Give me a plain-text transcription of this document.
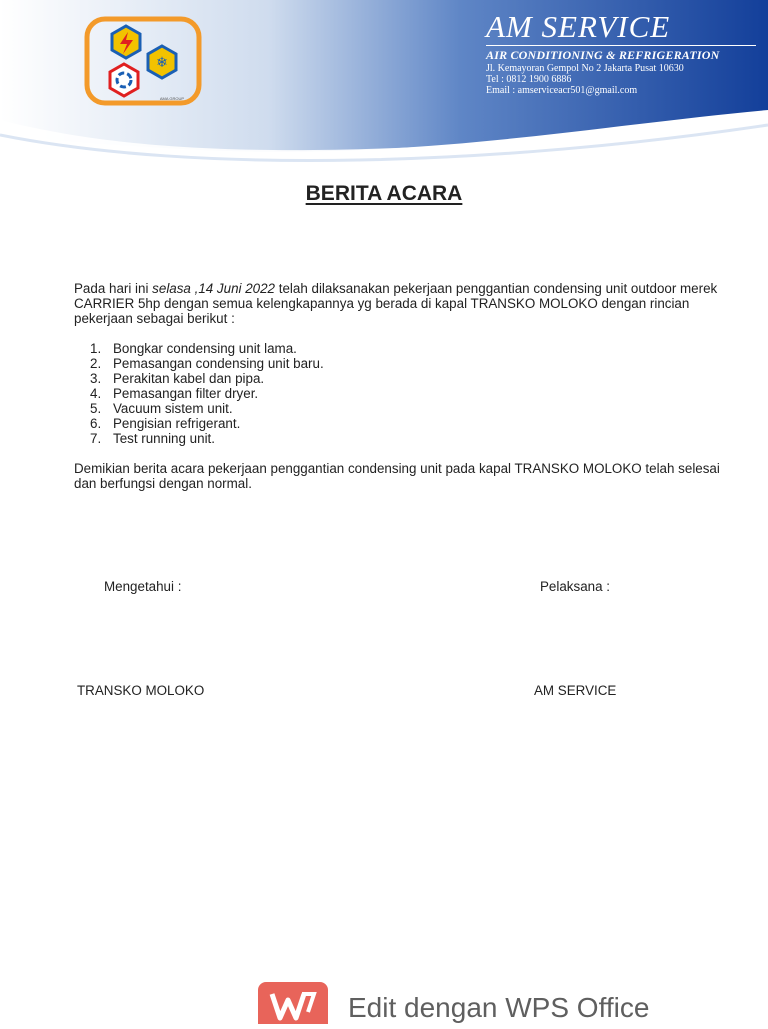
❄
AMA GROUP
AM SERVICE
AIR CONDITIONING & REFRIGERATION
Jl. Kemayoran Gempol No 2 Jakarta Pusat 10630
Tel : 0812 1900 6886
Email : amserviceacr501@gmail.com
BERITA ACARA
Pada hari ini selasa ,14 Juni 2022 telah dilaksanakan pekerjaan penggantian condensing unit outdoor merek CARRIER 5hp dengan semua kelengkapannya yg berada di kapal TRANSKO MOLOKO dengan rincian pekerjaan sebagai berikut :
1. Bongkar condensing unit lama.
2. Pemasangan condensing unit baru.
3. Perakitan kabel dan pipa.
4. Pemasangan filter dryer.
5. Vacuum sistem unit.
6. Pengisian refrigerant.
7. Test running unit.
Demikian berita acara pekerjaan penggantian condensing unit pada kapal TRANSKO MOLOKO telah selesai dan berfungsi dengan normal.
Mengetahui :	Pelaksana :
TRANSKO MOLOKO	AM SERVICE
Edit dengan WPS Office
